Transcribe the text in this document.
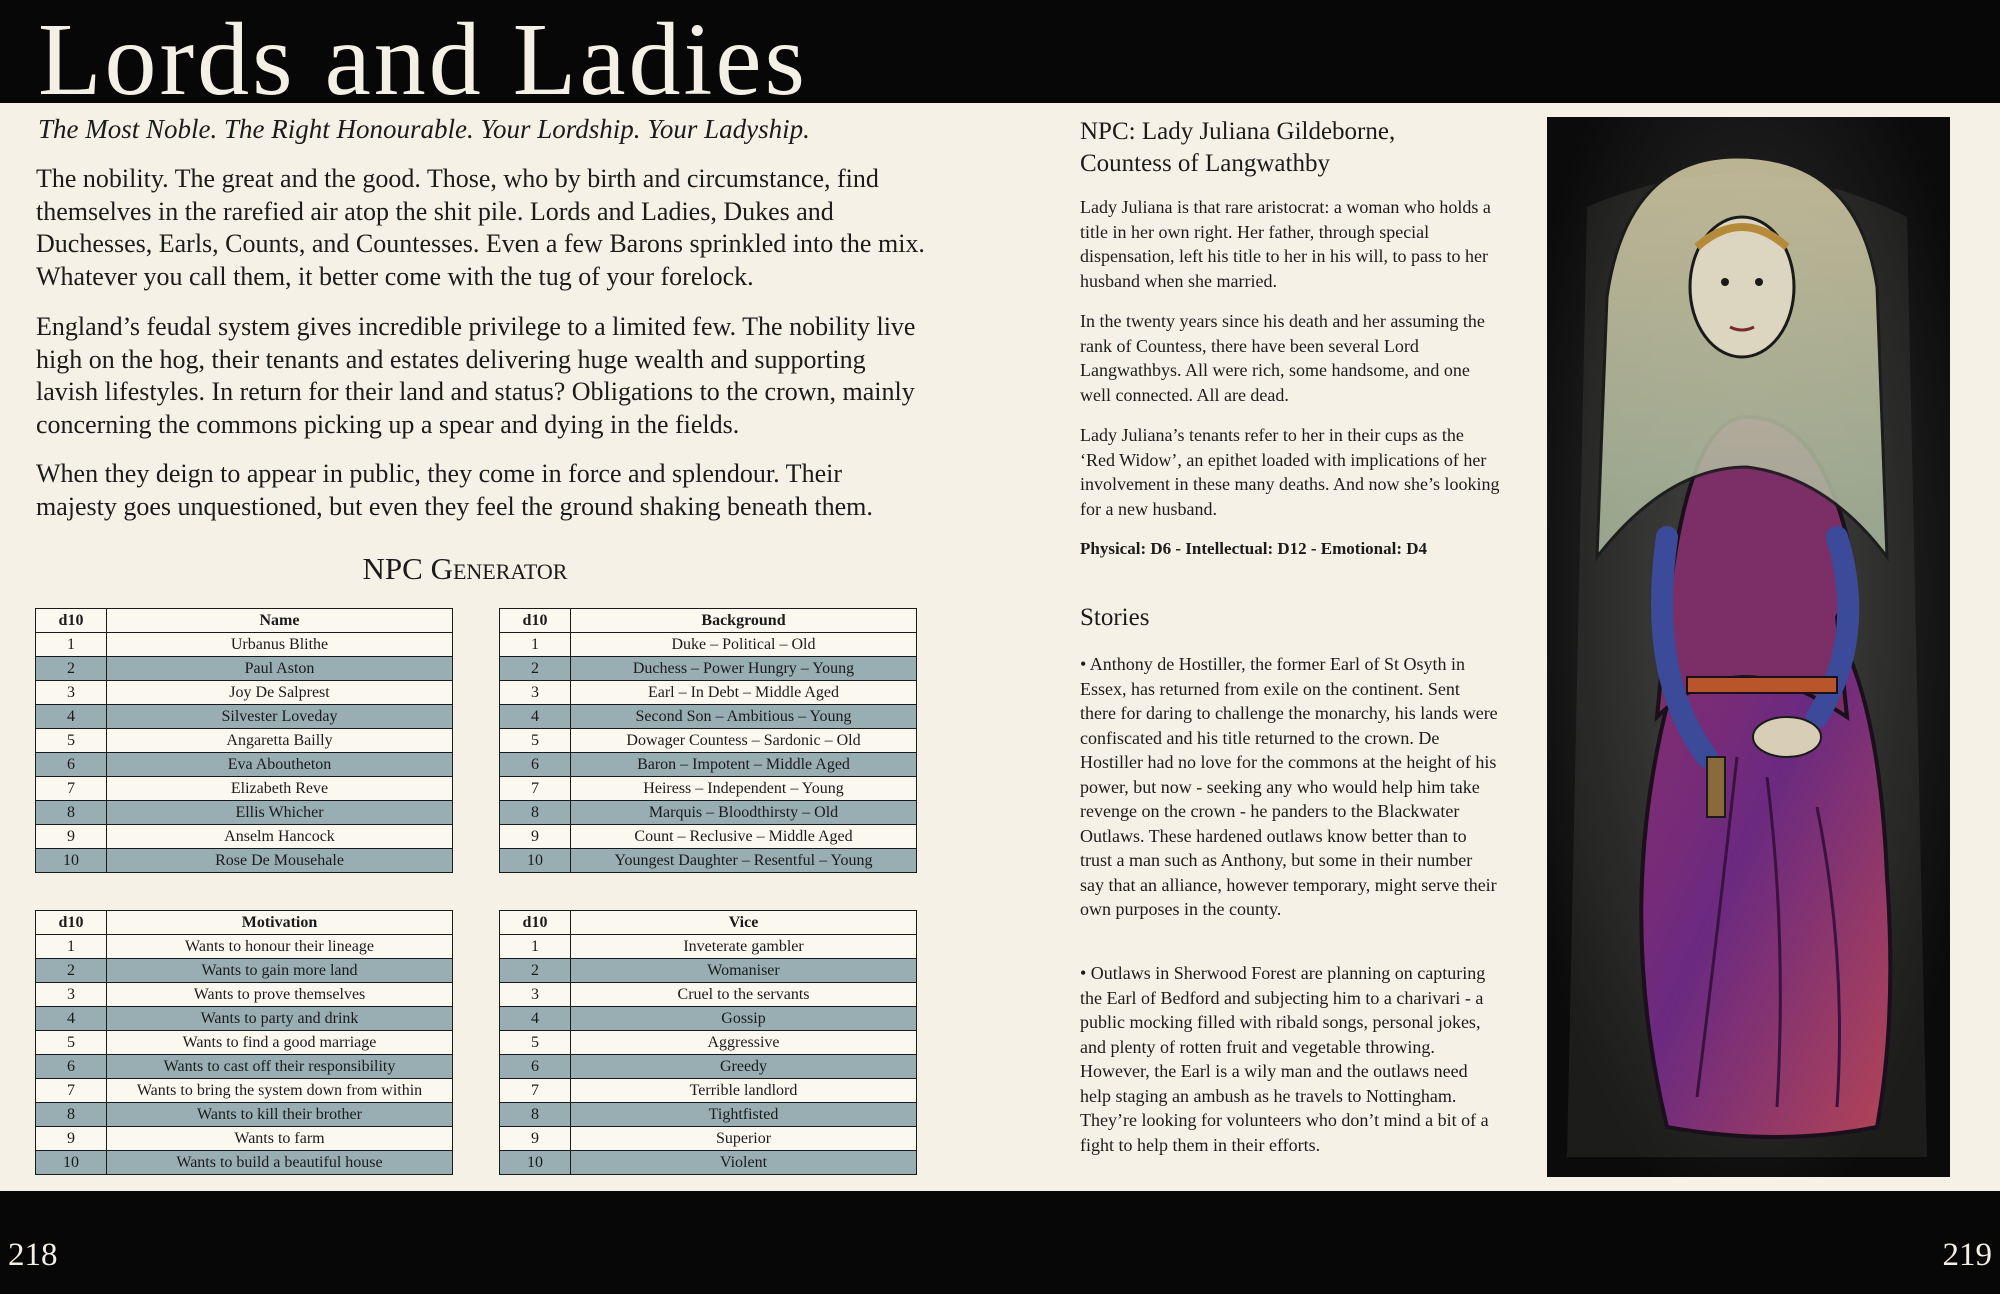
Lords and Ladies

The Most Noble. The Right Honourable. Your Lordship. Your Ladyship.

The nobility. The great and the good. Those, who by birth and circumstance, find themselves in the rarefied air atop the shit pile. Lords and Ladies, Dukes and Duchesses, Earls, Counts, and Countesses. Even a few Barons sprinkled into the mix. Whatever you call them, it better come with the tug of your forelock.

England’s feudal system gives incredible privilege to a limited few. The nobility live high on the hog, their tenants and estates delivering huge wealth and supporting lavish lifestyles. In return for their land and status? Obligations to the crown, mainly concerning the commons picking up a spear and dying in the fields.

When they deign to appear in public, they come in force and splendour. Their majesty goes unquestioned, but even they feel the ground shaking beneath them.

NPC Generator
d10	Name
1	Urbanus Blithe
2	Paul Aston
3	Joy De Salprest
4	Silvester Loveday
5	Angaretta Bailly
6	Eva Aboutheton
7	Elizabeth Reve
8	Ellis Whicher
9	Anselm Hancock
10	Rose De Mousehale
d10	Background
1	Duke – Political – Old
2	Duchess – Power Hungry – Young
3	Earl – In Debt – Middle Aged
4	Second Son – Ambitious – Young
5	Dowager Countess – Sardonic – Old
6	Baron – Impotent – Middle Aged
7	Heiress – Independent – Young
8	Marquis – Bloodthirsty – Old
9	Count – Reclusive – Middle Aged
10	Youngest Daughter – Resentful – Young
d10	Motivation
1	Wants to honour their lineage
2	Wants to gain more land
3	Wants to prove themselves
4	Wants to party and drink
5	Wants to find a good marriage
6	Wants to cast off their responsibility
7	Wants to bring the system down from within
8	Wants to kill their brother
9	Wants to farm
10	Wants to build a beautiful house
d10	Vice
1	Inveterate gambler
2	Womaniser
3	Cruel to the servants
4	Gossip
5	Aggressive
6	Greedy
7	Terrible landlord
8	Tightfisted
9	Superior
10	Violent
NPC: Lady Juliana Gildeborne,
Countess of Langwathby

Lady Juliana is that rare aristocrat: a woman who holds a title in her own right. Her father, through special dispensation, left his title to her in his will, to pass to her husband when she married.

In the twenty years since his death and her assuming the rank of Countess, there have been several Lord Langwathbys. All were rich, some handsome, and one well connected. All are dead.

Lady Juliana’s tenants refer to her in their cups as the ‘Red Widow’, an epithet loaded with implications of her involvement in these many deaths. And now she’s looking for a new husband.

Physical: D6 - Intellectual: D12 - Emotional: D4

Stories

• Anthony de Hostiller, the former Earl of St Osyth in Essex, has returned from exile on the continent. Sent there for daring to challenge the monarchy, his lands were confiscated and his title returned to the crown. De Hostiller had no love for the commons at the height of his power, but now - seeking any who would help him take revenge on the crown - he panders to the Blackwater Outlaws. These hardened outlaws know better than to trust a man such as Anthony, but some in their number say that an alliance, however temporary, might serve their own purposes in the county.

• Outlaws in Sherwood Forest are planning on capturing the Earl of Bedford and subjecting him to a charivari - a public mocking filled with ribald songs, personal jokes, and plenty of rotten fruit and vegetable throwing. However, the Earl is a wily man and the outlaws need help staging an ambush as he travels to Nottingham. They’re looking for volunteers who don’t mind a bit of a fight to help them in their efforts.

218	219
